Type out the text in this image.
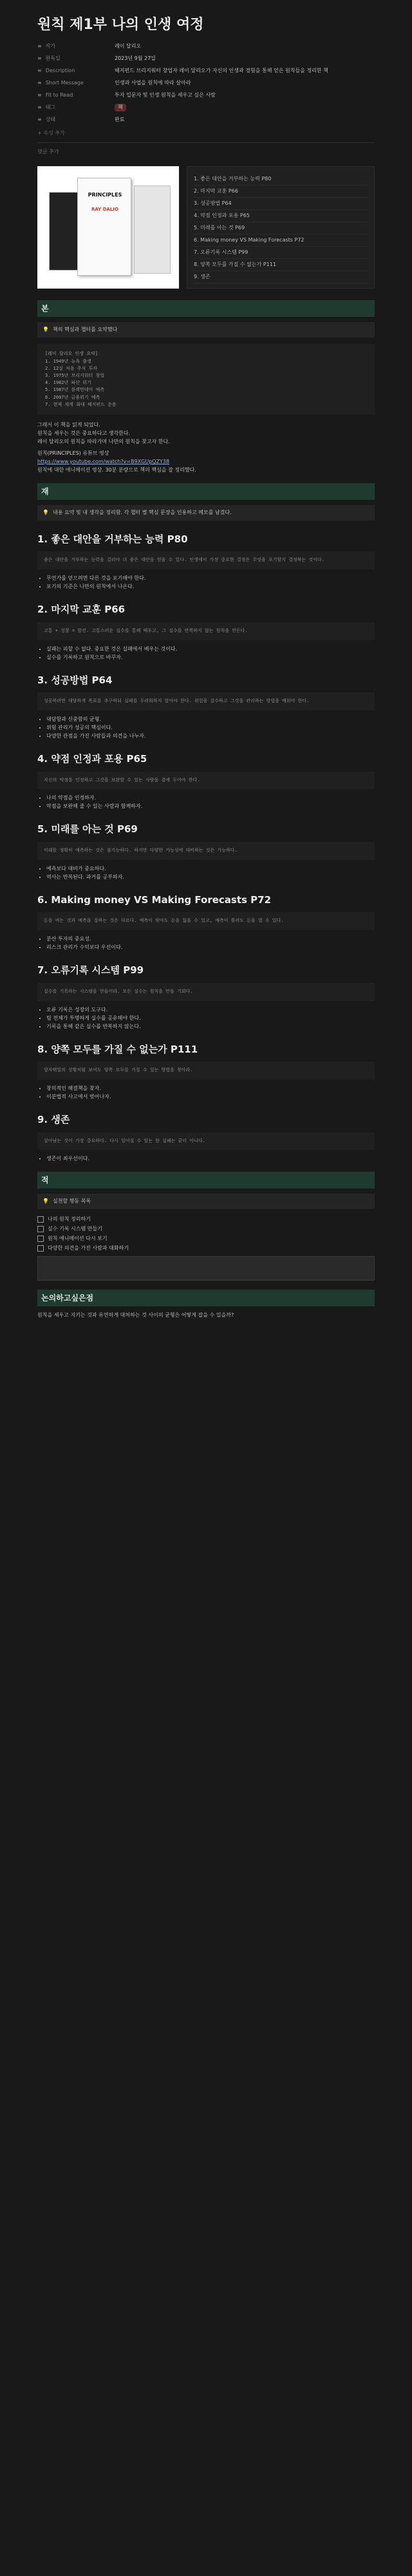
원칙 제1부 나의 인생 여정
≡ 작가	레이 달리오
≡ 완독일	2023년 9월 27일
≡ Description	헤지펀드 브리지워터 창업자 레이 달리오가 자신의 인생과 경험을 통해 얻은 원칙들을 정리한 책
≡ Short Message	인생과 사업을 원칙에 따라 살아라
≡ Fit to Read	투자 입문자 및 인생 원칙을 세우고 싶은 사람
≡ 태그	책
≡ 상태	완료
+ 속성 추가
댓글 추가
PRINCIPLES
RAY DALIO
1. 좋은 대안을 거부하는 능력 P80
2. 마지막 교훈 P66
3. 성공방법 P64
4. 약점 인정과 포용 P65
5. 미래를 아는 것 P69
6. Making money VS Making Forecasts P72
7. 오류기록 시스템 P99
8. 양쪽 모두를 가질 수 없는가 P111
9. 생존
본
💡 책의 핵심과 챕터를 요약했다
[레이 달리오 인생 요약]
1. 1949년 뉴욕 출생
2. 12살 처음 주식 투자
3. 1975년 브리지워터 창업
4. 1982년 파산 위기
5. 1987년 블랙먼데이 예측
6. 2007년 금융위기 예측
7. 현재 세계 최대 헤지펀드 운용
그래서 이 책을 읽게 되었다.
원칙을 세우는 것은 중요하다고 생각한다.
레이 달리오의 원칙을 따라가며 나만의 원칙을 찾고자 한다.
원칙(PRINCIPLES) 유튜브 영상
https://www.youtube.com/watch?v=B9XGUpQZY38
원칙에 대한 애니메이션 영상. 30분 분량으로 책의 핵심을 잘 정리했다.
재
💡 내용 요약 및 내 생각을 정리함. 각 챕터 별 핵심 문장을 인용하고 메모를 남겼다.
1. 좋은 대안을 거부하는 능력 P80
좋은 대안을 거부하는 능력을 길러야 더 좋은 대안을 얻을 수 있다. 인생에서 가장 중요한 결정은 무엇을 포기할지 결정하는 것이다.
• 무언가를 얻으려면 다른 것을 포기해야 한다.
• 포기의 기준은 나만의 원칙에서 나온다.
2. 마지막 교훈 P66
고통 + 성찰 = 발전. 고통스러운 실수를 통해 배우고, 그 실수를 반복하지 않는 원칙을 만든다.
• 실패는 피할 수 없다. 중요한 것은 실패에서 배우는 것이다.
• 실수를 기록하고 원칙으로 바꾸자.
3. 성공방법 P64
성공하려면 대담하게 목표를 추구하되 실패를 두려워하지 말아야 한다. 위험을 감수하고 그것을 관리하는 방법을 배워야 한다.
• 대담함과 신중함의 균형.
• 위험 관리가 성공의 핵심이다.
• 다양한 관점을 가진 사람들과 의견을 나누자.
4. 약점 인정과 포용 P65
자신의 약점을 인정하고 그것을 보완할 수 있는 사람을 곁에 두어야 한다.
• 나의 약점을 인정하자.
• 약점을 보완해 줄 수 있는 사람과 함께하자.
5. 미래를 아는 것 P69
미래를 정확히 예측하는 것은 불가능하다. 하지만 다양한 가능성에 대비하는 것은 가능하다.
• 예측보다 대비가 중요하다.
• 역사는 반복된다. 과거를 공부하자.
6. Making money VS Making Forecasts P72
돈을 버는 것과 예측을 잘하는 것은 다르다. 예측이 맞아도 돈을 잃을 수 있고, 예측이 틀려도 돈을 벌 수 있다.
• 분산 투자의 중요성.
• 리스크 관리가 수익보다 우선이다.
7. 오류기록 시스템 P99
실수를 기록하는 시스템을 만들어라. 모든 실수는 원칙을 만들 기회다.
• 오류 기록은 성장의 도구다.
• 팀 전체가 투명하게 실수를 공유해야 한다.
• 기록을 통해 같은 실수를 반복하지 않는다.
8. 양쪽 모두를 가질 수 없는가 P111
양자택일의 상황처럼 보여도 양쪽 모두를 가질 수 있는 방법을 찾아라.
• 창의적인 해결책을 찾자.
• 이분법적 사고에서 벗어나자.
9. 생존
살아남는 것이 가장 중요하다. 다시 일어설 수 있는 한 실패는 끝이 아니다.
• 생존이 최우선이다.
적
💡 실천할 행동 목록
나의 원칙 정리하기
실수 기록 시스템 만들기
원칙 애니메이션 다시 보기
다양한 의견을 가진 사람과 대화하기
논의하고싶은점
원칙을 세우고 지키는 것과 유연하게 대처하는 것 사이의 균형은 어떻게 잡을 수 있을까?
